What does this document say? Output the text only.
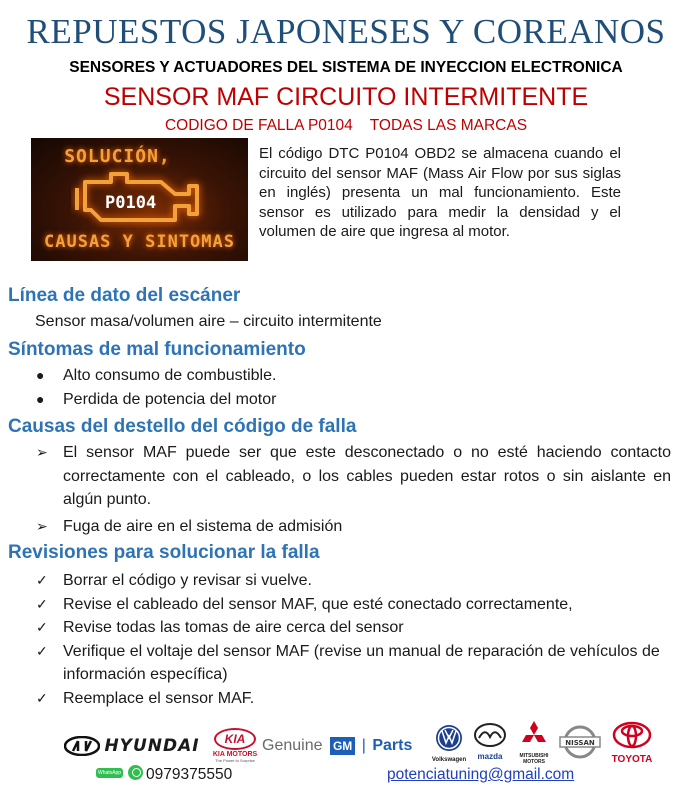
REPUESTOS JAPONESES Y COREANOS
SENSORES Y ACTUADORES DEL SISTEMA DE INYECCION ELECTRONICA
SENSOR MAF CIRCUITO INTERMITENTE
CODIGO DE FALLA P0104    TODAS LAS MARCAS
SOLUCIÓN,
P0104
CAUSAS Y SINTOMAS

El código DTC P0104 OBD2 se almacena cuando el circuito del sensor MAF (Mass Air Flow por sus siglas en inglés) presenta un mal funcionamiento. Este sensor es utilizado para medir la densidad y el volumen de aire que ingresa al motor.

Línea de dato del escáner

Sensor masa/volumen aire – circuito intermitente

Síntomas de mal funcionamiento
● Alto consumo de combustible.
● Perdida de potencia del motor
Causas del destello del código de falla
➢ El sensor MAF puede ser que este desconectado o no esté haciendo contacto correctamente con el cableado, o los cables pueden estar rotos o sin aislante en algún punto.
➢ Fuga de aire en el sistema de admisión
Revisiones para solucionar la falla
✓ Borrar el código y revisar si vuelve.
✓ Revise el cableado del sensor MAF, que esté conectado correctamente,
✓ Revise todas las tomas de aire cerca del sensor
✓ Verifique el voltaje del sensor MAF (revise un manual de reparación de vehículos de información específica)
✓ Reemplace el sensor MAF.
HYUNDAI	KIA
KIA MOTORS
The Power to Surprise
Genuine GM | Parts
Volkswagen	mazda	MITSUBISHI MOTORS
NISSAN
TOYOTA
WhatsApp	0979375550	potenciatuning@gmail.com
